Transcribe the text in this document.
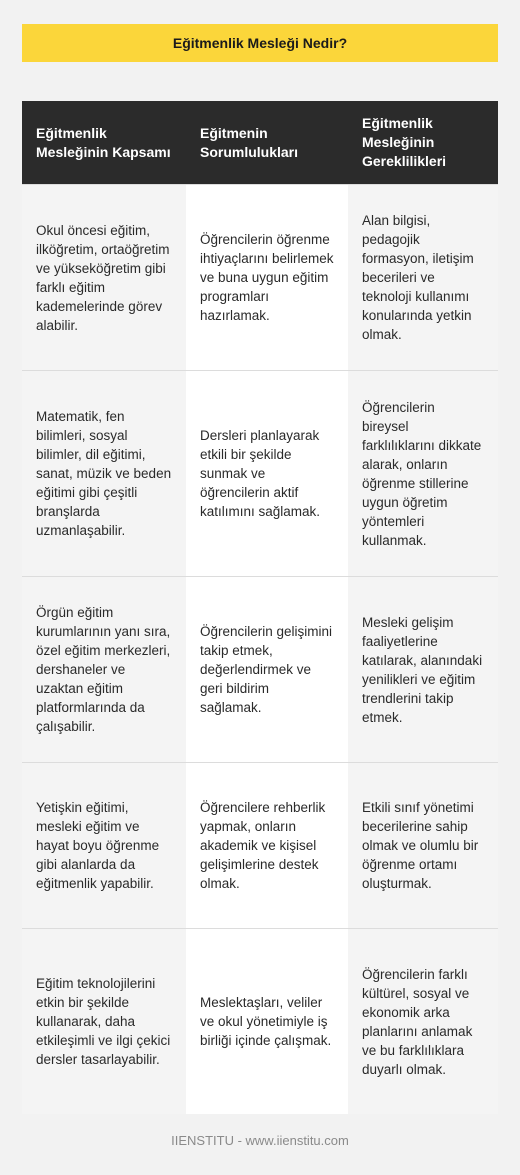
Eğitmenlik Mesleği Nedir?
Eğitmenlik Mesleğinin Kapsamı	Eğitmenin Sorumlulukları	Eğitmenlik Mesleğinin Gereklilikleri
Okul öncesi eğitim, ilköğretim, ortaöğretim ve yükseköğretim gibi farklı eğitim kademelerinde görev alabilir.	Öğrencilerin öğrenme ihtiyaçlarını belirlemek ve buna uygun eğitim programları hazırlamak.	Alan bilgisi, pedagojik formasyon, iletişim becerileri ve teknoloji kullanımı konularında yetkin olmak.
Matematik, fen bilimleri, sosyal bilimler, dil eğitimi, sanat, müzik ve beden eğitimi gibi çeşitli branşlarda uzmanlaşabilir.	Dersleri planlayarak etkili bir şekilde sunmak ve öğrencilerin aktif katılımını sağlamak.	Öğrencilerin bireysel farklılıklarını dikkate alarak, onların öğrenme stillerine uygun öğretim yöntemleri kullanmak.
Örgün eğitim kurumlarının yanı sıra, özel eğitim merkezleri, dershaneler ve uzaktan eğitim platformlarında da çalışabilir.	Öğrencilerin gelişimini takip etmek, değerlendirmek ve geri bildirim sağlamak.	Mesleki gelişim faaliyetlerine katılarak, alanındaki yenilikleri ve eğitim trendlerini takip etmek.
Yetişkin eğitimi, mesleki eğitim ve hayat boyu öğrenme gibi alanlarda da eğitmenlik yapabilir.	Öğrencilere rehberlik yapmak, onların akademik ve kişisel gelişimlerine destek olmak.	Etkili sınıf yönetimi becerilerine sahip olmak ve olumlu bir öğrenme ortamı oluşturmak.
Eğitim teknolojilerini etkin bir şekilde kullanarak, daha etkileşimli ve ilgi çekici dersler tasarlayabilir.	Meslektaşları, veliler ve okul yönetimiyle iş birliği içinde çalışmak.	Öğrencilerin farklı kültürel, sosyal ve ekonomik arka planlarını anlamak ve bu farklılıklara duyarlı olmak.
IIENSTITU - www.iienstitu.com
